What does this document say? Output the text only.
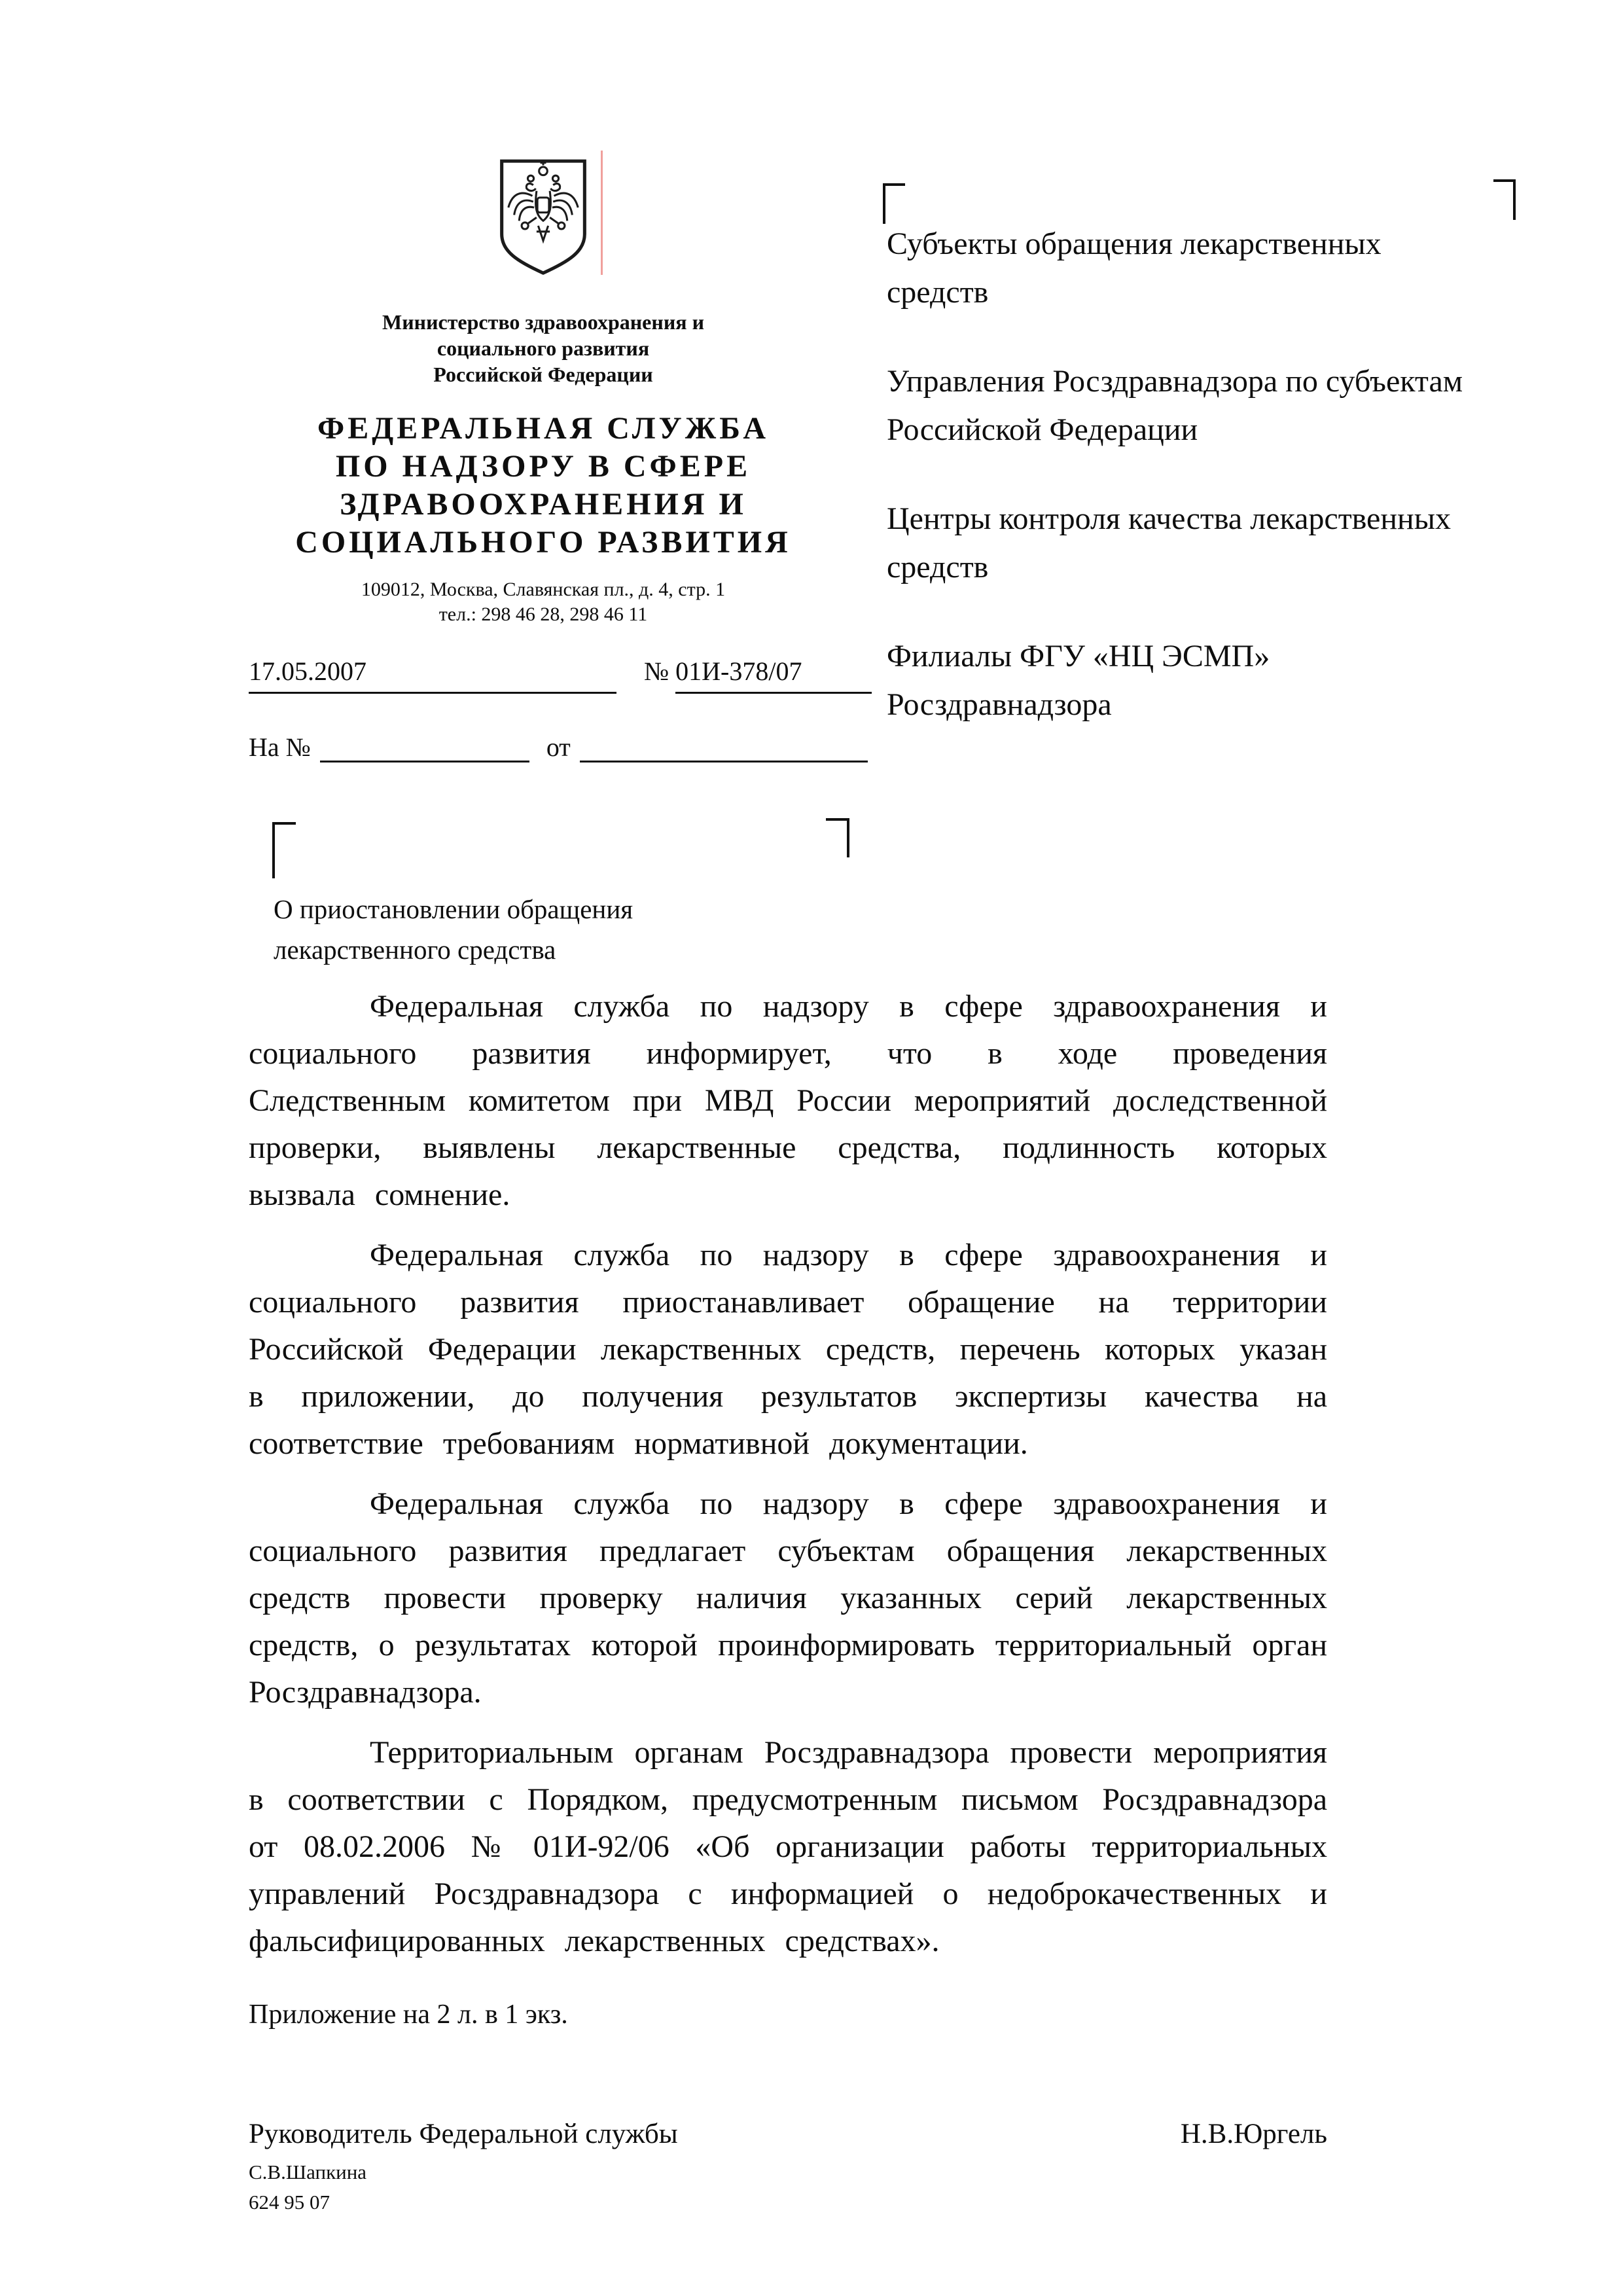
Министерство здравоохранения и
социального развития
Российской Федерации
ФЕДЕРАЛЬНАЯ СЛУЖБА
ПО НАДЗОРУ В СФЕРЕ
ЗДРАВООХРАНЕНИЯ И
СОЦИАЛЬНОГО РАЗВИТИЯ
109012, Москва, Славянская пл., д. 4, стр. 1
тел.: 298 46 28, 298 46 11
17.05.2007	№ 01И-378/07
На №	от
Субъекты обращения лекарственных средств
Управления Росздравнадзора по субъектам Российской Федерации
Центры контроля качества лекарственных средств
Филиалы ФГУ «НЦ ЭСМП» Росздравнадзора
О приостановлении обращения лекарственного средства

Федеральная служба по надзору в сфере здравоохранения и социального развития информирует, что в ходе проведения Следственным комитетом при МВД России мероприятий доследственной проверки, выявлены лекарственные средства, подлинность которых вызвала сомнение.

Федеральная служба по надзору в сфере здравоохранения и социального развития приостанавливает обращение на территории Российской Федерации лекарственных средств, перечень которых указан в приложении, до получения результатов экспертизы качества на соответствие требованиям нормативной документации.

Федеральная служба по надзору в сфере здравоохранения и социального развития предлагает субъектам обращения лекарственных средств провести проверку наличия указанных серий лекарственных средств, о результатах которой проинформировать территориальный орган Росздравнадзора.

Территориальным органам Росздравнадзора провести мероприятия в соответствии с Порядком, предусмотренным письмом Росздравнадзора от 08.02.2006 № 01И-92/06 «Об организации работы территориальных управлений Росздравнадзора с информацией о недоброкачественных и фальсифицированных лекарственных средствах».

Приложение на 2 л. в 1 экз.
Руководитель Федеральной службы	Н.В.Юргель
С.В.Шапкина
624 95 07
